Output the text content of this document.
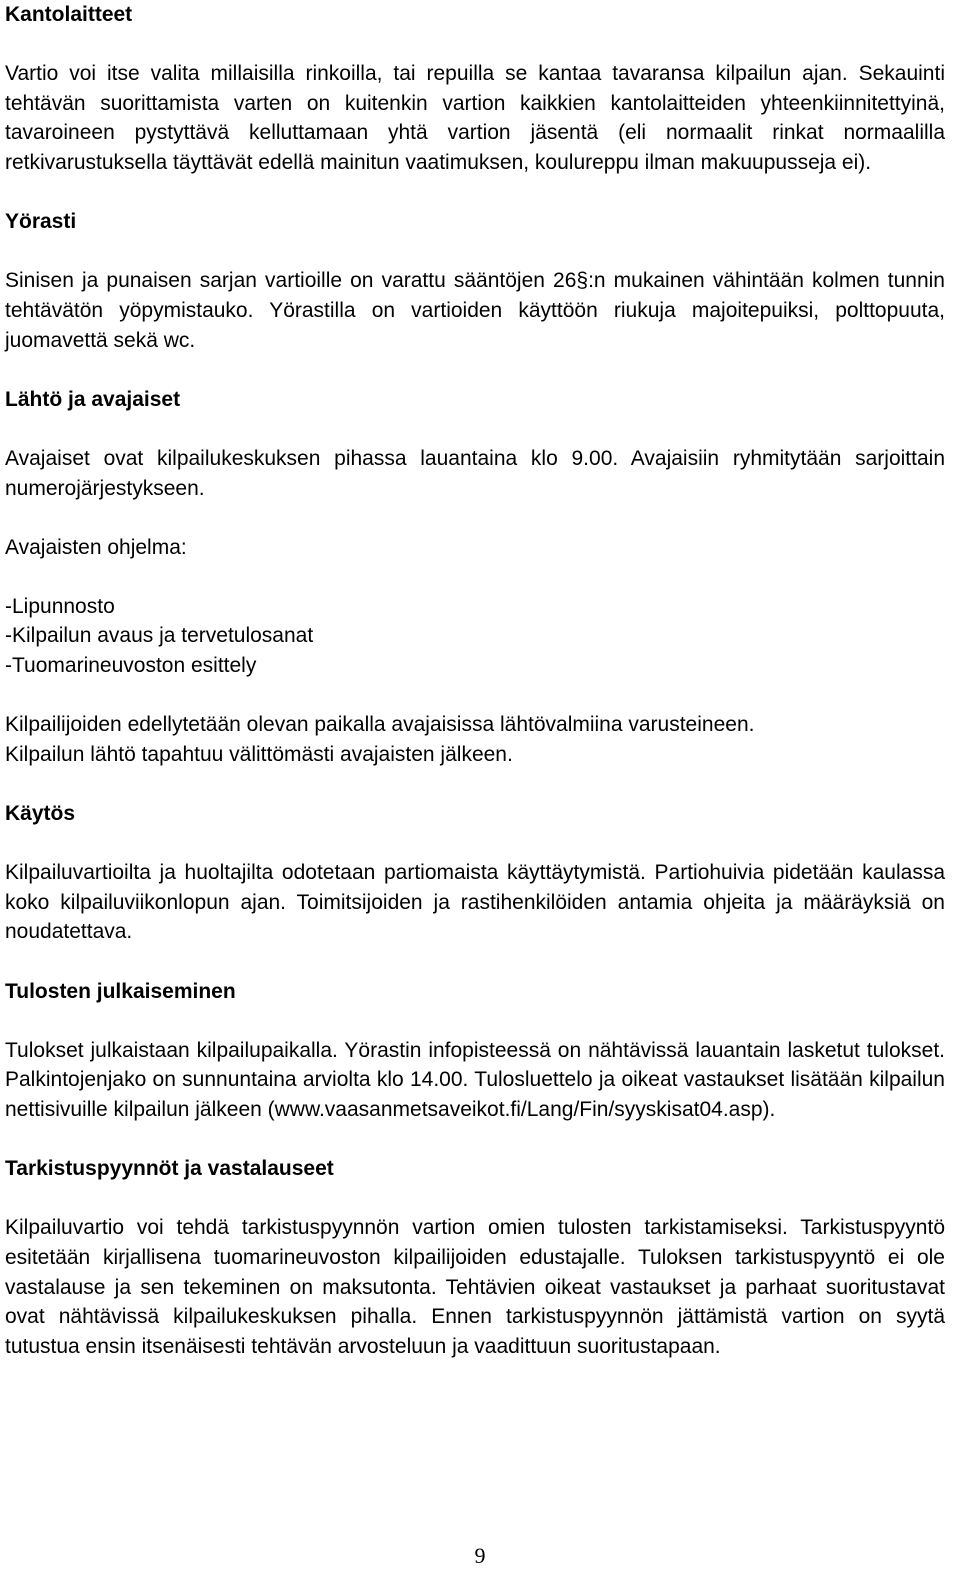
Kantolaitteet

Vartio voi itse valita millaisilla rinkoilla, tai repuilla se kantaa tavaransa kilpailun ajan. Sekauinti tehtävän suorittamista varten on kuitenkin vartion kaikkien kantolaitteiden yhteenkiinnitettyinä, tavaroineen pystyttävä kelluttamaan yhtä vartion jäsentä (eli normaalit rinkat normaalilla retkivarustuksella täyttävät edellä mainitun vaatimuksen, koulureppu ilman makuupusseja ei).

Yörasti

Sinisen ja punaisen sarjan vartioille on varattu sääntöjen 26§:n mukainen vähintään kolmen tunnin tehtävätön yöpymistauko. Yörastilla on vartioiden käyttöön riukuja majoitepuiksi, polttopuuta, juomavettä sekä wc.

Lähtö ja avajaiset

Avajaiset ovat kilpailukeskuksen pihassa lauantaina klo 9.00. Avajaisiin ryhmitytään sarjoittain numerojärjestykseen.

Avajaisten ohjelma:

-Lipunnosto
-Kilpailun avaus ja tervetulosanat
-Tuomarineuvoston esittely

Kilpailijoiden edellytetään olevan paikalla avajaisissa lähtövalmiina varusteineen.

Kilpailun lähtö tapahtuu välittömästi avajaisten jälkeen.

Käytös

Kilpailuvartioilta ja huoltajilta odotetaan partiomaista käyttäytymistä. Partiohuivia pidetään kaulassa koko kilpailuviikonlopun ajan. Toimitsijoiden ja rastihenkilöiden antamia ohjeita ja määräyksiä on noudatettava.

Tulosten julkaiseminen

Tulokset julkaistaan kilpailupaikalla. Yörastin infopisteessä on nähtävissä lauantain lasketut tulokset. Palkintojenjako on sunnuntaina arviolta klo 14.00. Tulosluettelo ja oikeat vastaukset lisätään kilpailun nettisivuille kilpailun jälkeen (www.vaasanmetsaveikot.fi/Lang/Fin/syyskisat04.asp).

Tarkistuspyynnöt ja vastalauseet

Kilpailuvartio voi tehdä tarkistuspyynnön vartion omien tulosten tarkistamiseksi. Tarkistuspyyntö esitetään kirjallisena tuomarineuvoston kilpailijoiden edustajalle. Tuloksen tarkistuspyyntö ei ole vastalause ja sen tekeminen on maksutonta. Tehtävien oikeat vastaukset ja parhaat suoritustavat ovat nähtävissä kilpailukeskuksen pihalla. Ennen tarkistuspyynnön jättämistä vartion on syytä tutustua ensin itsenäisesti tehtävän arvosteluun ja vaadittuun suoritustapaan.

9
